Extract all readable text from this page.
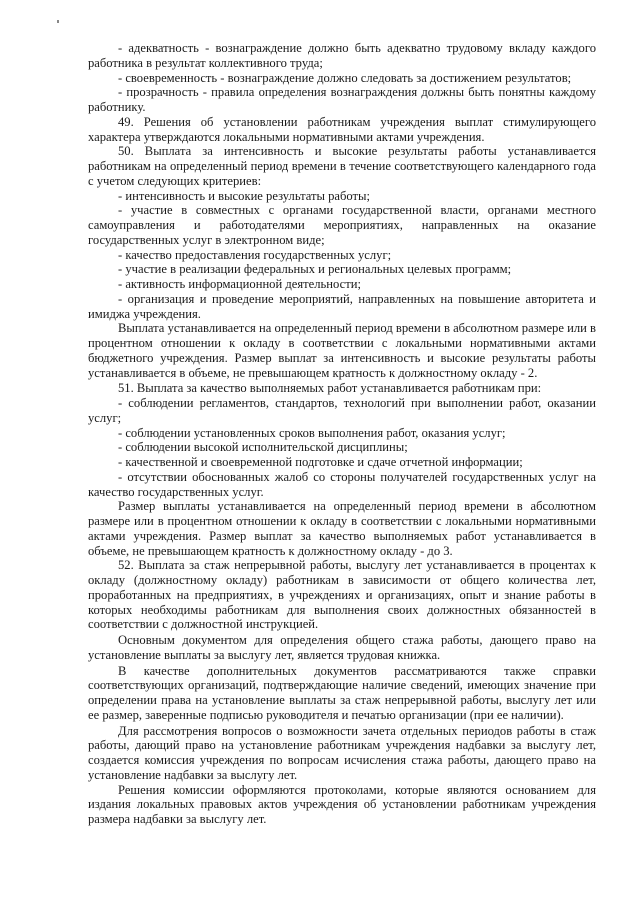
- адекватность - вознаграждение должно быть адекватно трудовому вкладу каждого работника в результат коллективного труда;

- своевременность - вознаграждение должно следовать за достижением результатов;

- прозрачность - правила определения вознаграждения должны быть понятны каждому работнику.

49. Решения об установлении работникам учреждения выплат стимулирующего характера утверждаются локальными нормативными актами учреждения.

50. Выплата за интенсивность и высокие результаты работы устанавливается работникам на определенный период времени в течение соответствующего календарного года с учетом следующих критериев:

- интенсивность и высокие результаты работы;

- участие в совместных с органами государственной власти, органами местного самоуправления и работодателями мероприятиях, направленных на оказание государственных услуг в электронном виде;

- качество предоставления государственных услуг;

- участие в реализации федеральных и региональных целевых программ;

- активность информационной деятельности;

- организация и проведение мероприятий, направленных на повышение авторитета и имиджа учреждения.

Выплата устанавливается на определенный период времени в абсолютном размере или в процентном отношении к окладу в соответствии с локальными нормативными актами бюджетного учреждения. Размер выплат за интенсивность и высокие результаты работы устанавливается в объеме, не превышающем кратность к должностному окладу - 2.

51. Выплата за качество выполняемых работ устанавливается работникам при:

- соблюдении регламентов, стандартов, технологий при выполнении работ, оказании услуг;

- соблюдении установленных сроков выполнения работ, оказания услуг;

- соблюдении высокой исполнительской дисциплины;

- качественной и своевременной подготовке и сдаче отчетной информации;

- отсутствии обоснованных жалоб со стороны получателей государственных услуг на качество государственных услуг.

Размер выплаты устанавливается на определенный период времени в абсолютном размере или в процентном отношении к окладу в соответствии с локальными нормативными актами учреждения. Размер выплат за качество выполняемых работ устанавливается в объеме, не превышающем кратность к должностному окладу - до 3.

52. Выплата за стаж непрерывной работы, выслугу лет устанавливается в процентах к окладу (должностному окладу) работникам в зависимости от общего количества лет, проработанных на предприятиях, в учреждениях и организациях, опыт и знание работы в которых необходимы работникам для выполнения своих должностных обязанностей в соответствии с должностной инструкцией.

Основным документом для определения общего стажа работы, дающего право на установление выплаты за выслугу лет, является трудовая книжка.

В качестве дополнительных документов рассматриваются также справки соответствующих организаций, подтверждающие наличие сведений, имеющих значение при определении права на установление выплаты за стаж непрерывной работы, выслугу лет или ее размер, заверенные подписью руководителя и печатью организации (при ее наличии).

Для рассмотрения вопросов о возможности зачета отдельных периодов работы в стаж работы, дающий право на установление работникам учреждения надбавки за выслугу лет, создается комиссия учреждения по вопросам исчисления стажа работы, дающего право на установление надбавки за выслугу лет.

Решения комиссии оформляются протоколами, которые являются основанием для издания локальных правовых актов учреждения об установлении работникам учреждения размера надбавки за выслугу лет.
